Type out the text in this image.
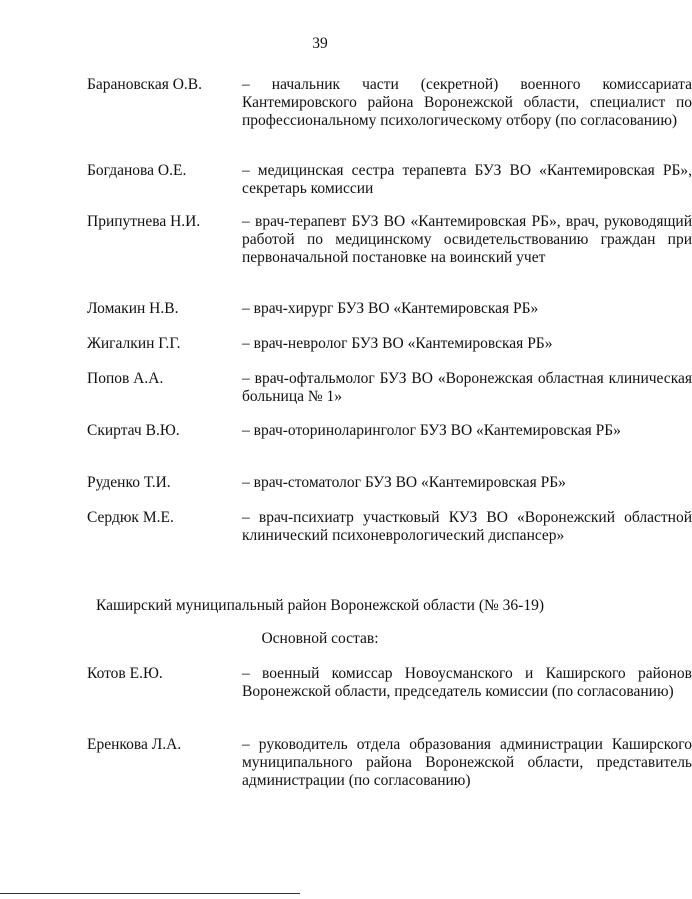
39
Барановская О.В.	– начальник части (секретной) военного комиссариата Кантемировского района Воронежской области, специалист по профессиональному психологическому отбору (по согласованию)
Богданова О.Е.	– медицинская сестра терапевта БУЗ ВО «Кантемировская РБ», секретарь комиссии
Припутнева Н.И.	– врач-терапевт БУЗ ВО «Кантемировская РБ», врач, руководящий работой по медицинскому освидетельствованию граждан при первоначальной постановке на воинский учет
Ломакин Н.В.	– врач-хирург БУЗ ВО «Кантемировская РБ»
Жигалкин Г.Г.	– врач-невролог БУЗ ВО «Кантемировская РБ»
Попов А.А.	– врач-офтальмолог БУЗ ВО «Воронежская областная клиническая больница № 1»
Скиртач В.Ю.	– врач-оториноларинголог БУЗ ВО «Кантемировская РБ»
Руденко Т.И.	– врач-стоматолог БУЗ ВО «Кантемировская РБ»
Сердюк М.Е.	– врач-психиатр участковый КУЗ ВО «Воронежский областной клинический психоневрологический диспансер»
Каширский муниципальный район Воронежской области (№ 36-19)
Основной состав:
Котов Е.Ю.	– военный комиссар Новоусманского и Каширского районов Воронежской области, председатель комиссии (по согласованию)
Еренкова Л.А.	– руководитель отдела образования администрации Каширского муниципального района Воронежской области, представитель администрации (по согласованию)
